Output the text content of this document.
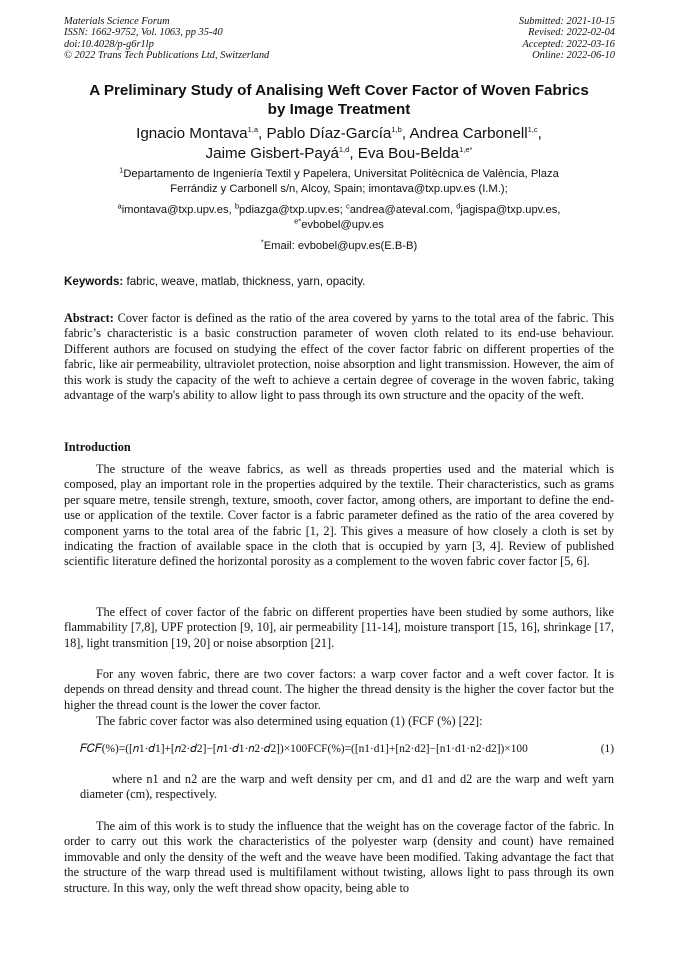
Materials Science Forum
ISSN: 1662-9752, Vol. 1063, pp 35-40
doi:10.4028/p-g6r1lp
© 2022 Trans Tech Publications Ltd, Switzerland
Submitted: 2021-10-15
Revised: 2022-02-04
Accepted: 2022-03-16
Online: 2022-06-10
A Preliminary Study of Analising Weft Cover Factor of Woven Fabrics
by Image Treatment
Ignacio Montava$^{1,a}$, Pablo Díaz-García$^{1,b}$, Andrea Carbonell$^{1,c}$,
Jaime Gisbert-Payá$^{1,d}$, Eva Bou-Belda$^{1,e*}$
$^1$Departamento de Ingeniería Textil y Papelera, Universitat Politècnica de València, Plaza
Ferrándiz y Carbonell s/n, Alcoy, Spain; imontava@txp.upv.es (I.M.);
$^a$imontava@txp.upv.es, $^b$pdiazga@txp.upv.es; $^c$andrea@ateval.com, $^d$jagispa@txp.upv.es,
$^{e*}$evbobel@upv.es
*Email: evbobel@upv.es(E.B-B)
Keywords: fabric, weave, matlab, thickness, yarn, opacity.
Abstract: Cover factor is defined as the ratio of the area covered by yarns to the total area of the fabric. This fabric’s characteristic is a basic construction parameter of woven cloth related to its end-use behaviour. Different authors are focused on studying the effect of the cover factor fabric on different properties of the fabric, like air permeability, ultraviolet protection, noise absorption and light transmission. However, the aim of this work is study the capacity of the weft to achieve a certain degree of coverage in the woven fabric, taking advantage of the warp's ability to allow light to pass through its own structure and the opacity of the weft.
Introduction
The structure of the weave fabrics, as well as threads properties used and the material which is composed, play an important role in the properties adquired by the textile. Their characteristics, such as grams per square metre, tensile strengh, texture, smooth, cover factor, among others, are important to define the end-use or application of the textile. Cover factor is a fabric parameter defined as the ratio of the area covered by component yarns to the total area of the fabric [1, 2]. This gives a measure of how closely a cloth is set by indicating the fraction of available space in the cloth that is occupied by yarn [3, 4]. Review of published scientific literature defined the horizontal porosity as a complement to the woven fabric cover factor [5, 6].
The effect of cover factor of the fabric on different properties have been studied by some authors, like flammability [7,8], UPF protection [9, 10], air permeability [11-14], moisture transport [15, 16], shrinkage [17, 18], light transmition [19, 20] or noise absorption [21].
For any woven fabric, there are two cover factors: a warp cover factor and a weft cover factor. It is depends on thread density and thread count. The higher the thread density is the higher the cover factor but the higher the thread count is the lower the cover factor.
The fabric cover factor was also determined using equation (1) (FCF (%) [22]:
𝐹𝐶𝐹(%)=([𝑛1·𝑑1]+[𝑛2·𝑑2]−[𝑛1·𝑑1·𝑛2·𝑑2])×100FCF(%)=([n1·d1]+[n2·d2]−[n1·d1·n2·d2])×100	(1)
where n1 and n2 are the warp and weft density per cm, and d1 and d2 are the warp and weft yarn diameter (cm), respectively.
The aim of this work is to study the influence that the weight has on the coverage factor of the fabric. In order to carry out this work the characteristics of the polyester warp (density and count) have remained immovable and only the density of the weft and the weave have been modified. Taking advantage the fact that the structure of the warp thread used is multifilament without twisting, allows light to pass through its own structure. In this way, only the weft thread show opacity, being able to
